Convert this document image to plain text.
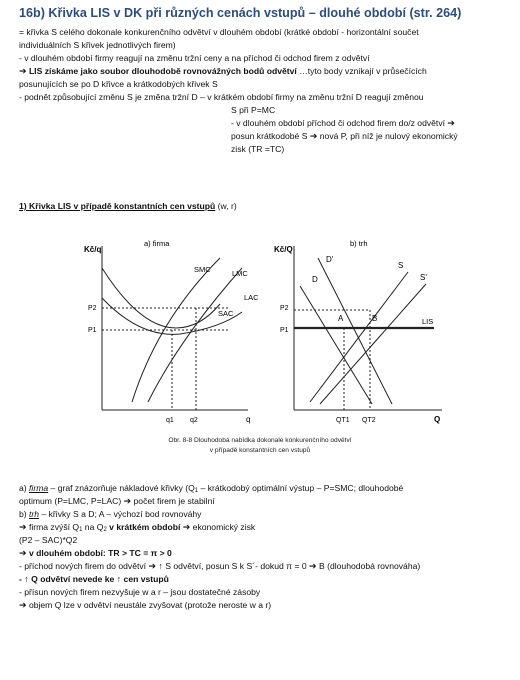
16b) Křivka LIS v DK při různých cenách vstupů – dlouhé období (str. 264)
= křivka S celého dokonale konkurenčního odvětví v dlouhém období (krátké období - horizontální součet
individuálních S křivek jednotlivých firem)
- v dlouhém období firmy reagují na změnu tržní ceny a na příchod či odchod firem z odvětví
➔ LIS získáme jako soubor dlouhodobě rovnovážných bodů odvětví …tyto body vznikají v průsečících
posunujících se po D křivce a krátkodobých křivek S
- podnět způsobující změnu S je změna tržní D – v krátkém období firmy na změnu tržní D reagují změnou
S při P=MC
- v dlouhém období příchod či odchod firem do/z odvětví ➔
posun krátkodobé S ➔ nová P, při níž je nulový ekonomický
zisk (TR =TC)
1) Křivka LIS v případě konstantních cen vstupů (w, r)
a) firma
Kč/q
q
SMC	LMC
LAC
SAC
P2
P1
q1 q2
b) trh
Kč/Q
Q
D'
D
S
S'
LIS
A	B
P2
P1
QT1 QT2
Obr. 8-8 Dlouhodobá nabídka dokonale konkurenčního odvětví
v případě konstantních cen vstupů
a) firma – graf znázorňuje nákladové křivky ($Q_1$ – krátkodobý optimální výstup – P=SMC; dlouhodobé
optimum (P=LMC, P=LAC) ➔ počet firem je stabilní
b) trh – křivky S a D; A – výchozí bod rovnováhy
➔ firma zvýší $Q_1$ na $Q_2$ v krátkém období ➔ ekonomický zisk
(P2 – SAC)*Q2
➔ v dlouhém období: TR > TC = π > 0
- příchod nových firem do odvětví ➔ ↑ S odvětví, posun S k S´- dokud π = 0 ➔ B (dlouhodobá rovnováha)
- ↑ Q odvětví nevede ke ↑ cen vstupů
- přísun nových firem nezvyšuje w a r – jsou dostatečné zásoby
➔ objem Q lze v odvětví neustále zvyšovat (protože neroste w a r)
